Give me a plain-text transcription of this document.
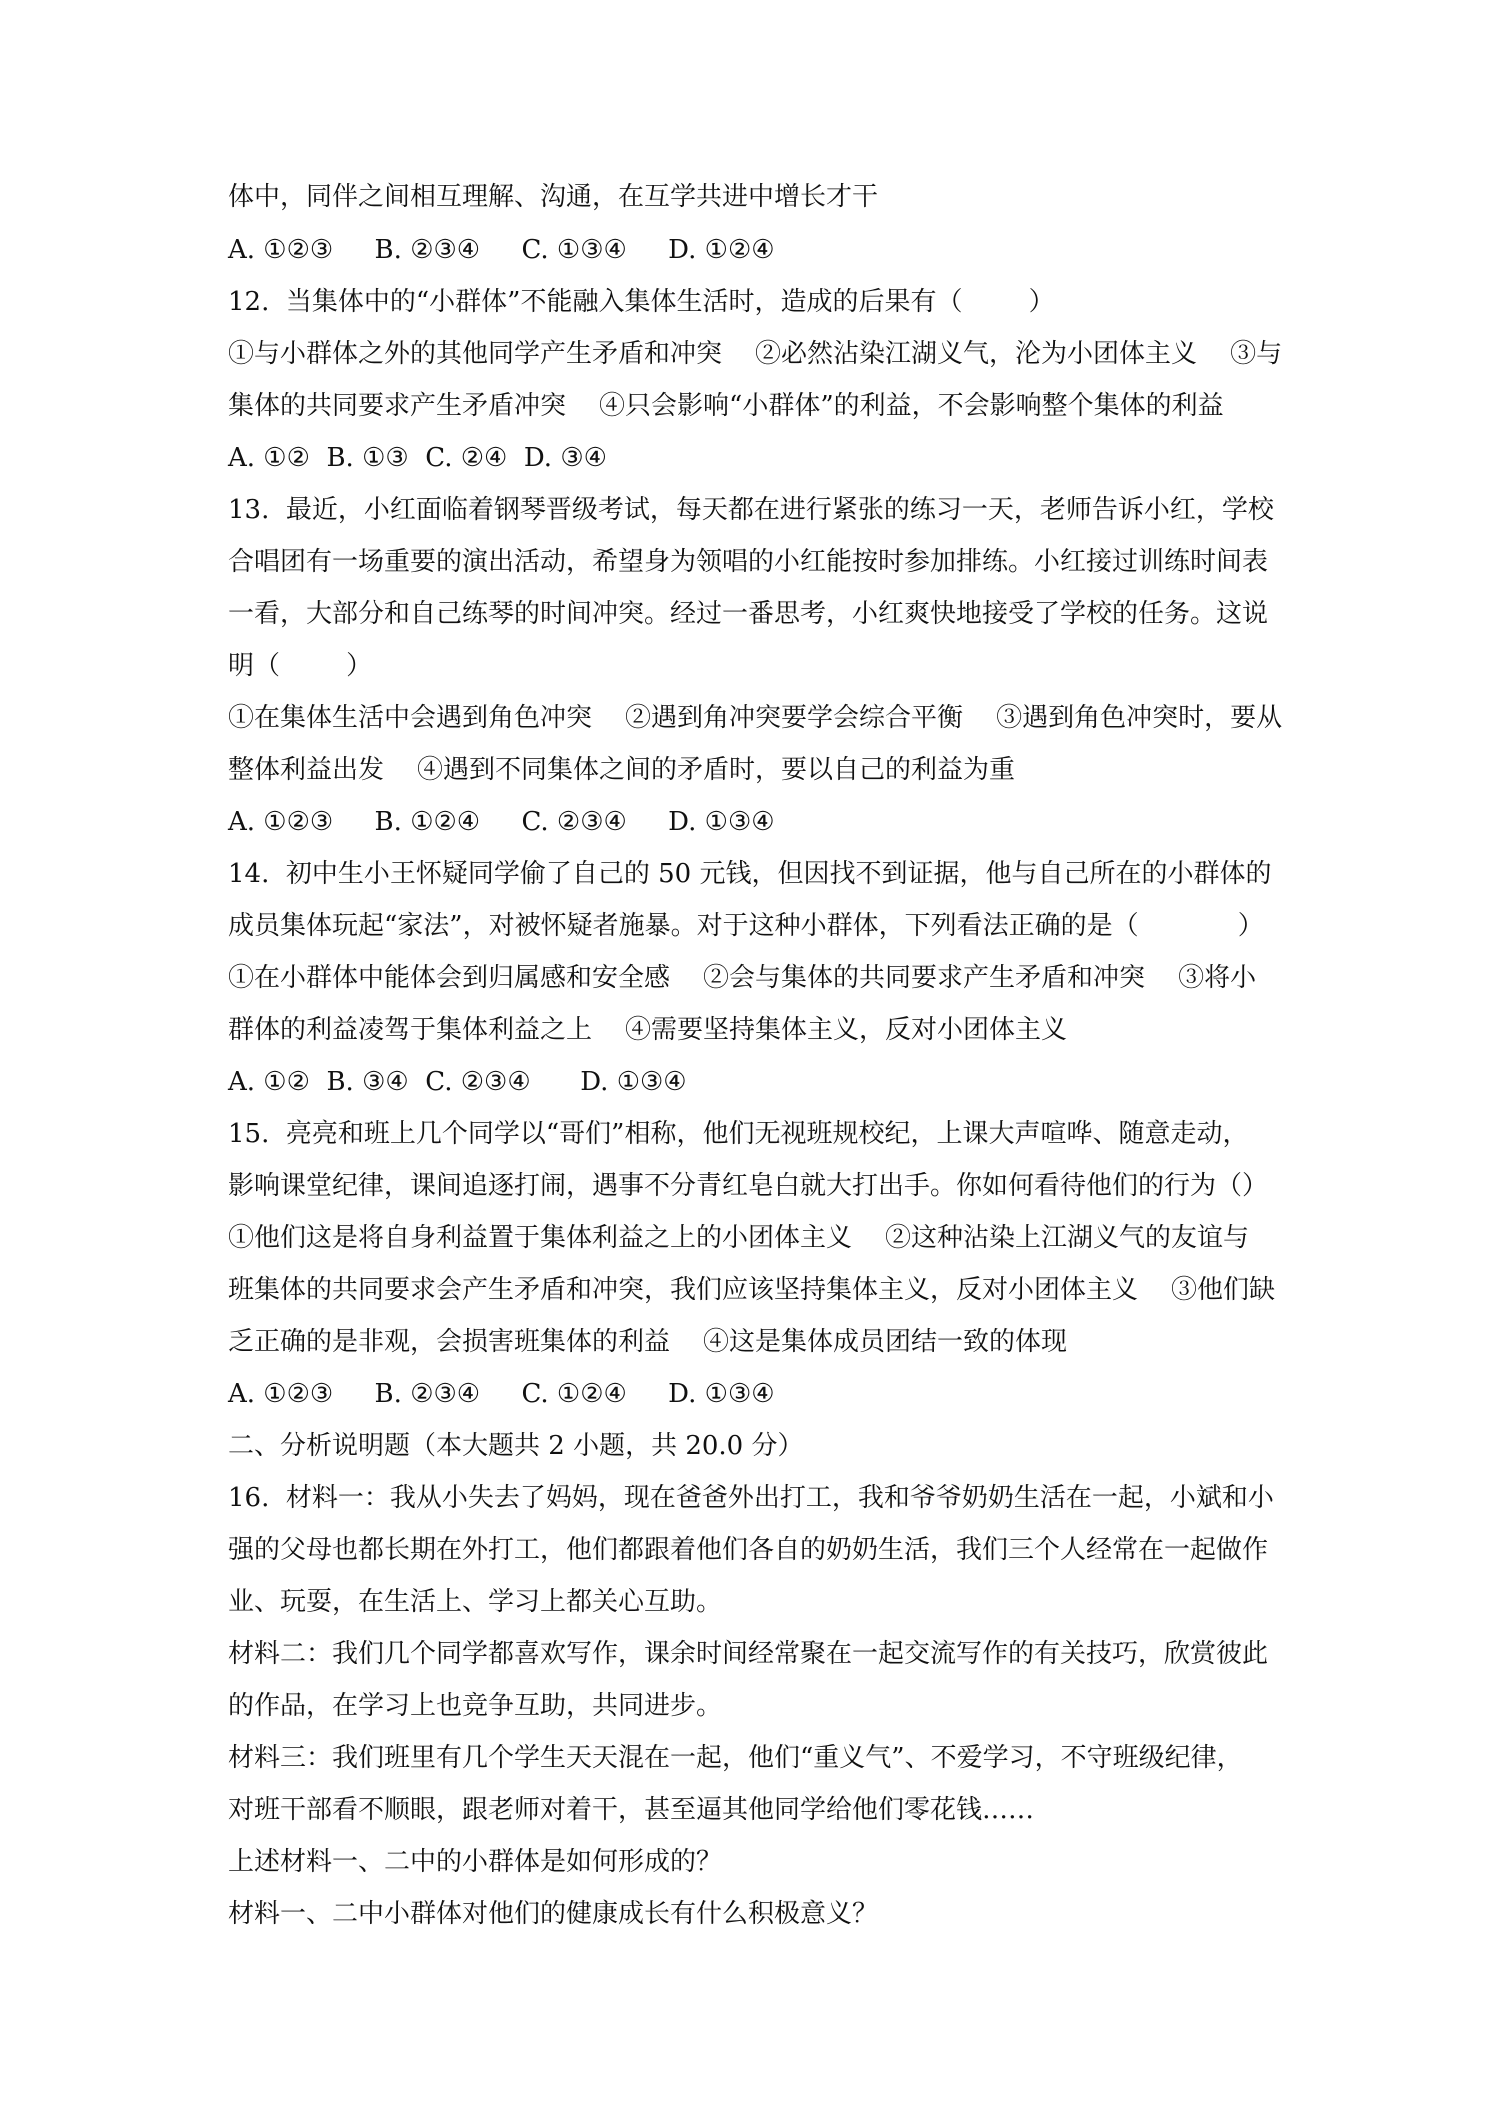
体中，同伴之间相互理解、沟通，在互学共进中增长才干
A. ①②③     B. ②③④     C. ①③④     D. ①②④
12.  当集体中的“小群体”不能融入集体生活时，造成的后果有（        ）
①与小群体之外的其他同学产生矛盾和冲突    ②必然沾染江湖义气，沦为小团体主义    ③与
集体的共同要求产生矛盾冲突    ④只会影响“小群体”的利益，不会影响整个集体的利益
A. ①②  B. ①③  C. ②④  D. ③④
13.  最近，小红面临着钢琴晋级考试，每天都在进行紧张的练习一天，老师告诉小红，学校
合唱团有一场重要的演出活动，希望身为领唱的小红能按时参加排练。小红接过训练时间表
一看，大部分和自己练琴的时间冲突。经过一番思考，小红爽快地接受了学校的任务。这说
明（        ）
①在集体生活中会遇到角色冲突    ②遇到角冲突要学会综合平衡    ③遇到角色冲突时，要从
整体利益出发    ④遇到不同集体之间的矛盾时，要以自己的利益为重
A. ①②③     B. ①②④     C. ②③④     D. ①③④
14.  初中生小王怀疑同学偷了自己的 50 元钱，但因找不到证据，他与自己所在的小群体的
成员集体玩起“家法”，对被怀疑者施暴。对于这种小群体，下列看法正确的是（            ）
①在小群体中能体会到归属感和安全感    ②会与集体的共同要求产生矛盾和冲突    ③将小
群体的利益凌驾于集体利益之上    ④需要坚持集体主义，反对小团体主义
A. ①②  B. ③④  C. ②③④      D. ①③④
15.  亮亮和班上几个同学以“哥们”相称，他们无视班规校纪，上课大声喧哗、随意走动，
影响课堂纪律，课间追逐打闹，遇事不分青红皂白就大打出手。你如何看待他们的行为（）
①他们这是将自身利益置于集体利益之上的小团体主义    ②这种沾染上江湖义气的友谊与
班集体的共同要求会产生矛盾和冲突，我们应该坚持集体主义，反对小团体主义    ③他们缺
乏正确的是非观，会损害班集体的利益    ④这是集体成员团结一致的体现
A. ①②③     B. ②③④     C. ①②④     D. ①③④
二、分析说明题（本大题共 2 小题，共 20.0 分）
16.  材料一：我从小失去了妈妈，现在爸爸外出打工，我和爷爷奶奶生活在一起，小斌和小
强的父母也都长期在外打工，他们都跟着他们各自的奶奶生活，我们三个人经常在一起做作
业、玩耍，在生活上、学习上都关心互助。
材料二：我们几个同学都喜欢写作，课余时间经常聚在一起交流写作的有关技巧，欣赏彼此
的作品，在学习上也竞争互助，共同进步。
材料三：我们班里有几个学生天天混在一起，他们“重义气”、不爱学习，不守班级纪律，
对班干部看不顺眼，跟老师对着干，甚至逼其他同学给他们零花钱……
上述材料一、二中的小群体是如何形成的？
材料一、二中小群体对他们的健康成长有什么积极意义？
